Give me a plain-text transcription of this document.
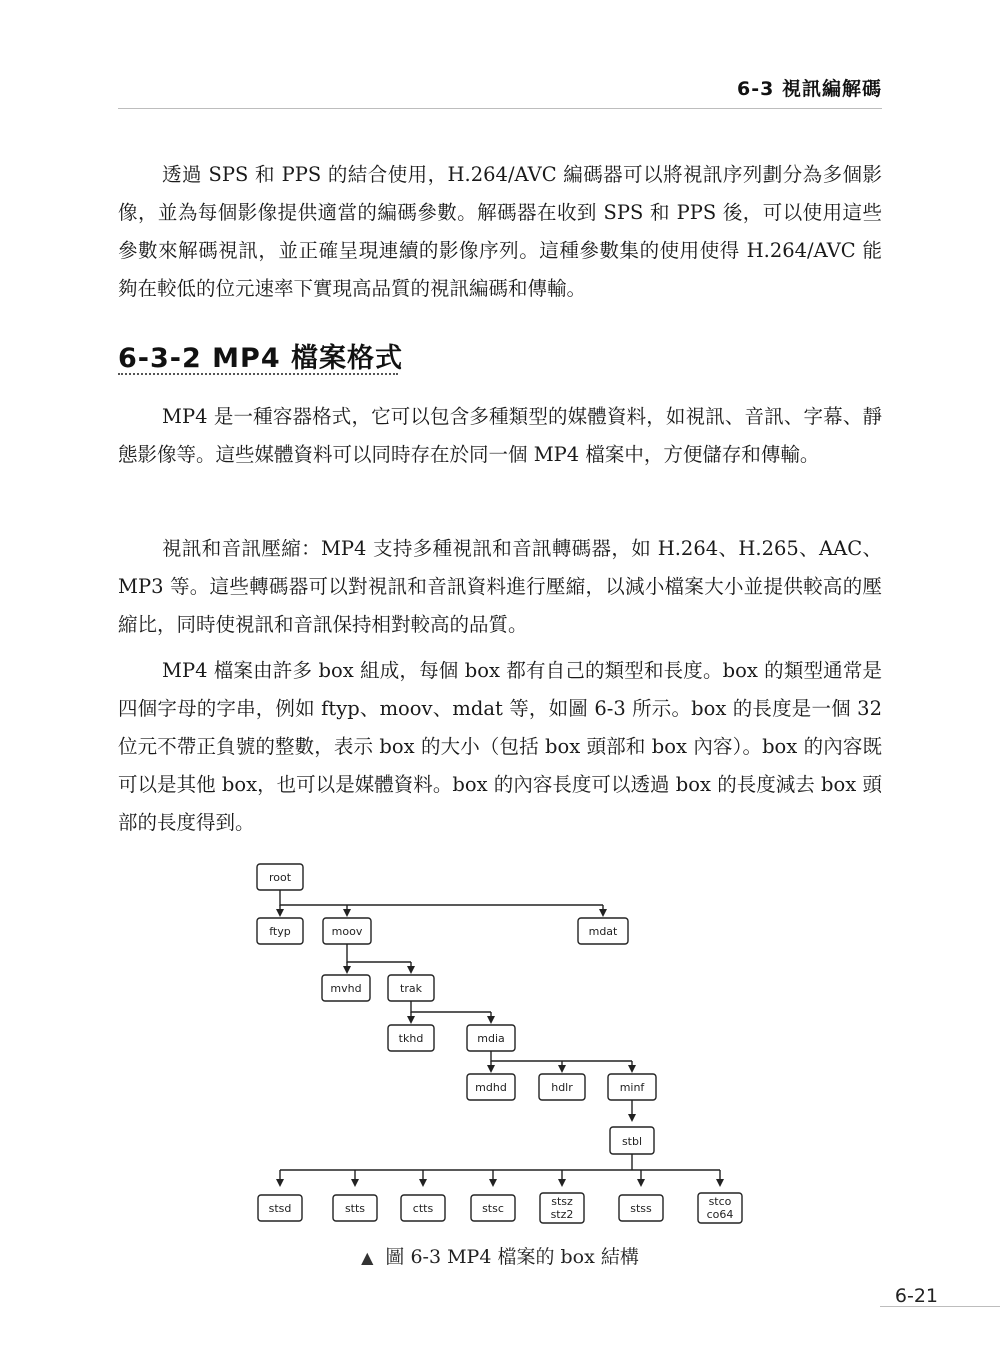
6-3 視訊編解碼

透過 SPS 和 PPS 的結合使用，H.264/AVC 編碼器可以將視訊序列劃分為多個影像，並為每個影像提供適當的編碼參數。解碼器在收到 SPS 和 PPS 後，可以使用這些參數來解碼視訊，並正確呈現連續的影像序列。這種參數集的使用使得 H.264/AVC 能夠在較低的位元速率下實現高品質的視訊編碼和傳輸。

6-3-2 MP4 檔案格式

MP4 是一種容器格式，它可以包含多種類型的媒體資料，如視訊、音訊、字幕、靜態影像等。這些媒體資料可以同時存在於同一個 MP4 檔案中，方便儲存和傳輸。

視訊和音訊壓縮：MP4 支持多種視訊和音訊轉碼器，如 H.264、H.265、AAC、MP3 等。這些轉碼器可以對視訊和音訊資料進行壓縮，以減小檔案大小並提供較高的壓縮比，同時使視訊和音訊保持相對較高的品質。

MP4 檔案由許多 box 組成，每個 box 都有自己的類型和長度。box 的類型通常是四個字母的字串，例如 ftyp、moov、mdat 等，如圖 6-3 所示。box 的長度是一個 32 位元不帶正負號的整數，表示 box 的大小（包括 box 頭部和 box 內容）。box 的內容既可以是其他 box，也可以是媒體資料。box 的內容長度可以透過 box 的長度減去 box 頭部的長度得到。

root
ftyp	moov	mdat
mvhd	trak
tkhd	mdia
mdhd	hdlr	minf
stbl
stsd	stts	ctts	stsc
stsz
stz2	stss
stco
co64
▲ 圖 6-3 MP4 檔案的 box 結構
6-21
